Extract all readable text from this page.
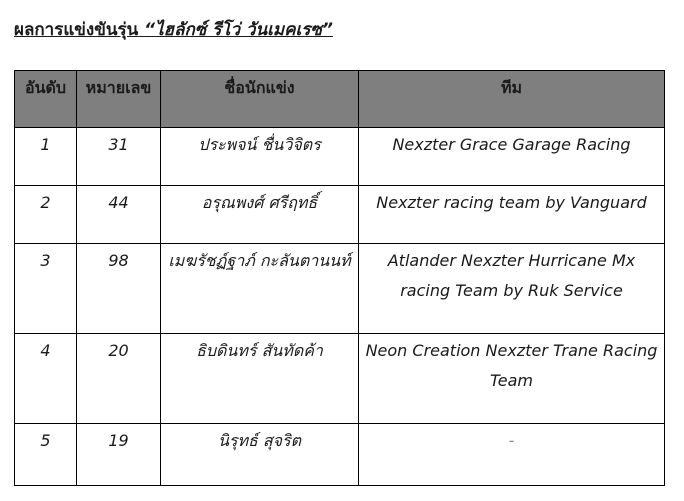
ผลการแข่งขันรุ่น “ไฮลักซ์ รีโว่ วันเมคเรซ”
อันดับ	หมายเลข	ชื่อนักแข่ง	ทีม
1	31	ประพจน์ ชื่นวิจิตร	Nexzter Grace Garage Racing
2	44	อรุณพงศ์ ศรีฤทธิ์	Nexzter racing team by Vanguard
3	98	เมฆรัชฏ์ฐาภ์ กะลันตานนท์	Atlander Nexzter Hurricane Mx racing Team by Ruk Service
4	20	ธิบดินทร์ สันทัดค้า	Neon Creation Nexzter Trane Racing Team
5	19	นิรุทธ์ สุจริต	-
